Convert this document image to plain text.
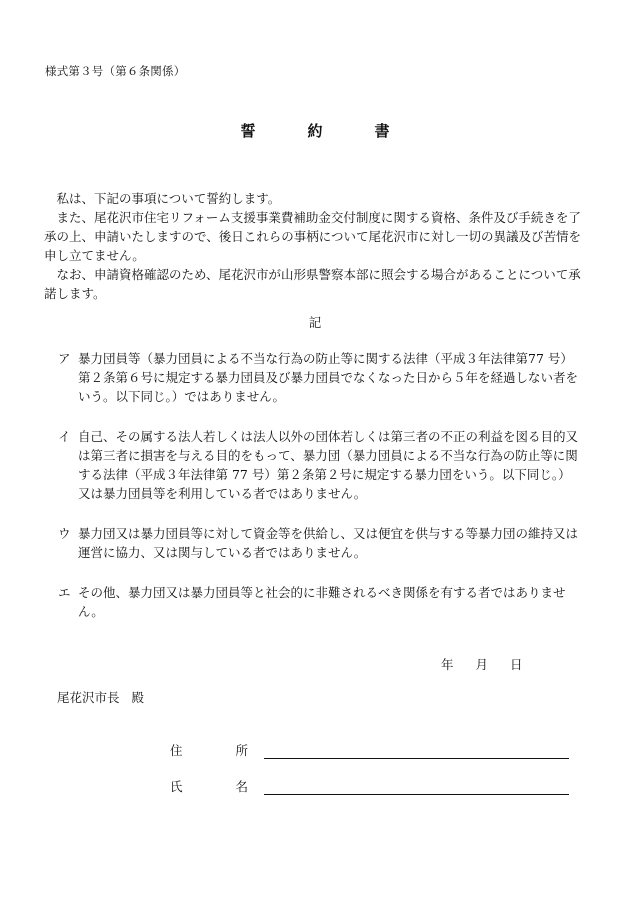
様式第３号（第６条関係）
誓	約	書

私は、下記の事項について誓約します。

また、尾花沢市住宅リフォーム支援事業費補助金交付制度に関する資格、条件及び手続きを了承の上、申請いたしますので、後日これらの事柄について尾花沢市に対し一切の異議及び苦情を申し立てません。

なお、申請資格確認のため、尾花沢市が山形県警察本部に照会する場合があることについて承諾します。

記
ア 暴力団員等（暴力団員による不当な行為の防止等に関する法律（平成３年法律第77 号）第２条第６号に規定する暴力団員及び暴力団員でなくなった日から５年を経過しない者をいう。以下同じ。）ではありません。
イ 自己、その属する法人若しくは法人以外の団体若しくは第三者の不正の利益を図る目的又は第三者に損害を与える目的をもって、暴力団（暴力団員による不当な行為の防止等に関する法律（平成３年法律第 77 号）第２条第２号に規定する暴力団をいう。以下同じ。）又は暴力団員等を利用している者ではありません。
ウ 暴力団又は暴力団員等に対して資金等を供給し、又は便宜を供与する等暴力団の維持又は運営に協力、又は関与している者ではありません。
エ その他、暴力団又は暴力団員等と社会的に非難されるべき関係を有する者ではありません。
年 月 日
尾花沢市長 殿
住	所
氏	名
